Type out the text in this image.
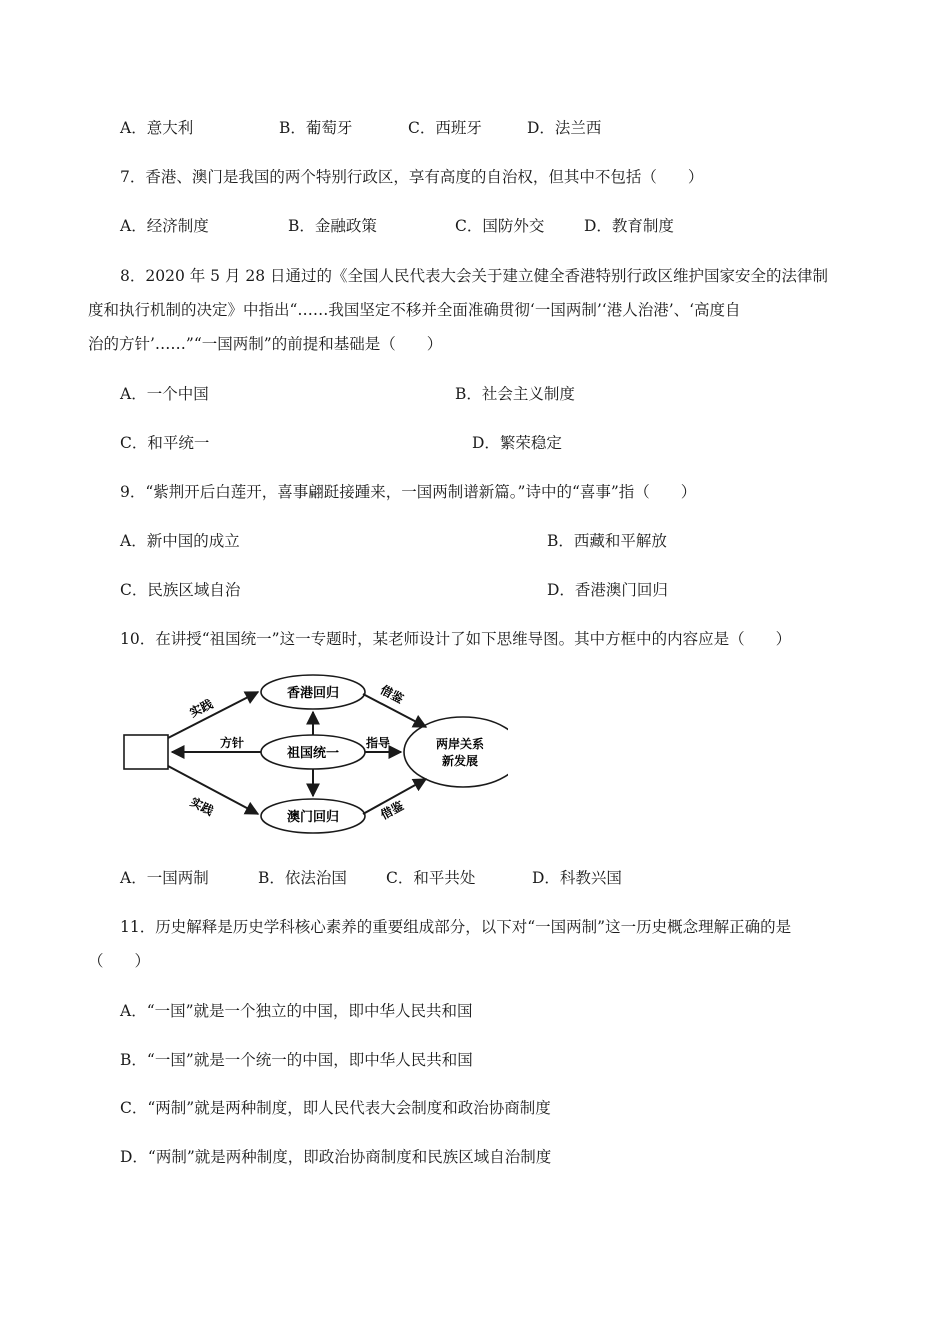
A．意大利	B．葡萄牙	C．西班牙	D．法兰西
7．香港、澳门是我国的两个特别行政区，享有高度的自治权，但其中不包括（　　）
A．经济制度	B．金融政策	C．国防外交	D．教育制度
8．2020 年 5 月 28 日通过的《全国人民代表大会关于建立健全香港特别行政区维护国家安全的法律制
度和执行机制的决定》中指出“……我国坚定不移并全面准确贯彻‘一国两制’‘港人治港’、‘高度自
治的方针’……”“一国两制”的前提和基础是（　　）
A．一个中国	B．社会主义制度
C．和平统一	D．繁荣稳定
9．“紫荆开后白莲开，喜事翩跹接踵来，一国两制谱新篇。”诗中的“喜事”指（　　）
A．新中国的成立	B．西藏和平解放
C．民族区域自治	D．香港澳门回归
10．在讲授“祖国统一”这一专题时，某老师设计了如下思维导图。其中方框中的内容应是（　　）
香港回归
祖国统一
澳门回归
两岸关系
新发展
方针	指导
实践
实践
借鉴
借鉴
A．一国两制	B．依法治国	C．和平共处	D．科教兴国
11．历史解释是历史学科核心素养的重要组成部分，以下对“一国两制”这一历史概念理解正确的是
（　　）
A．“一国”就是一个独立的中国，即中华人民共和国
B．“一国”就是一个统一的中国，即中华人民共和国
C．“两制”就是两种制度，即人民代表大会制度和政治协商制度
D．“两制”就是两种制度，即政治协商制度和民族区域自治制度
